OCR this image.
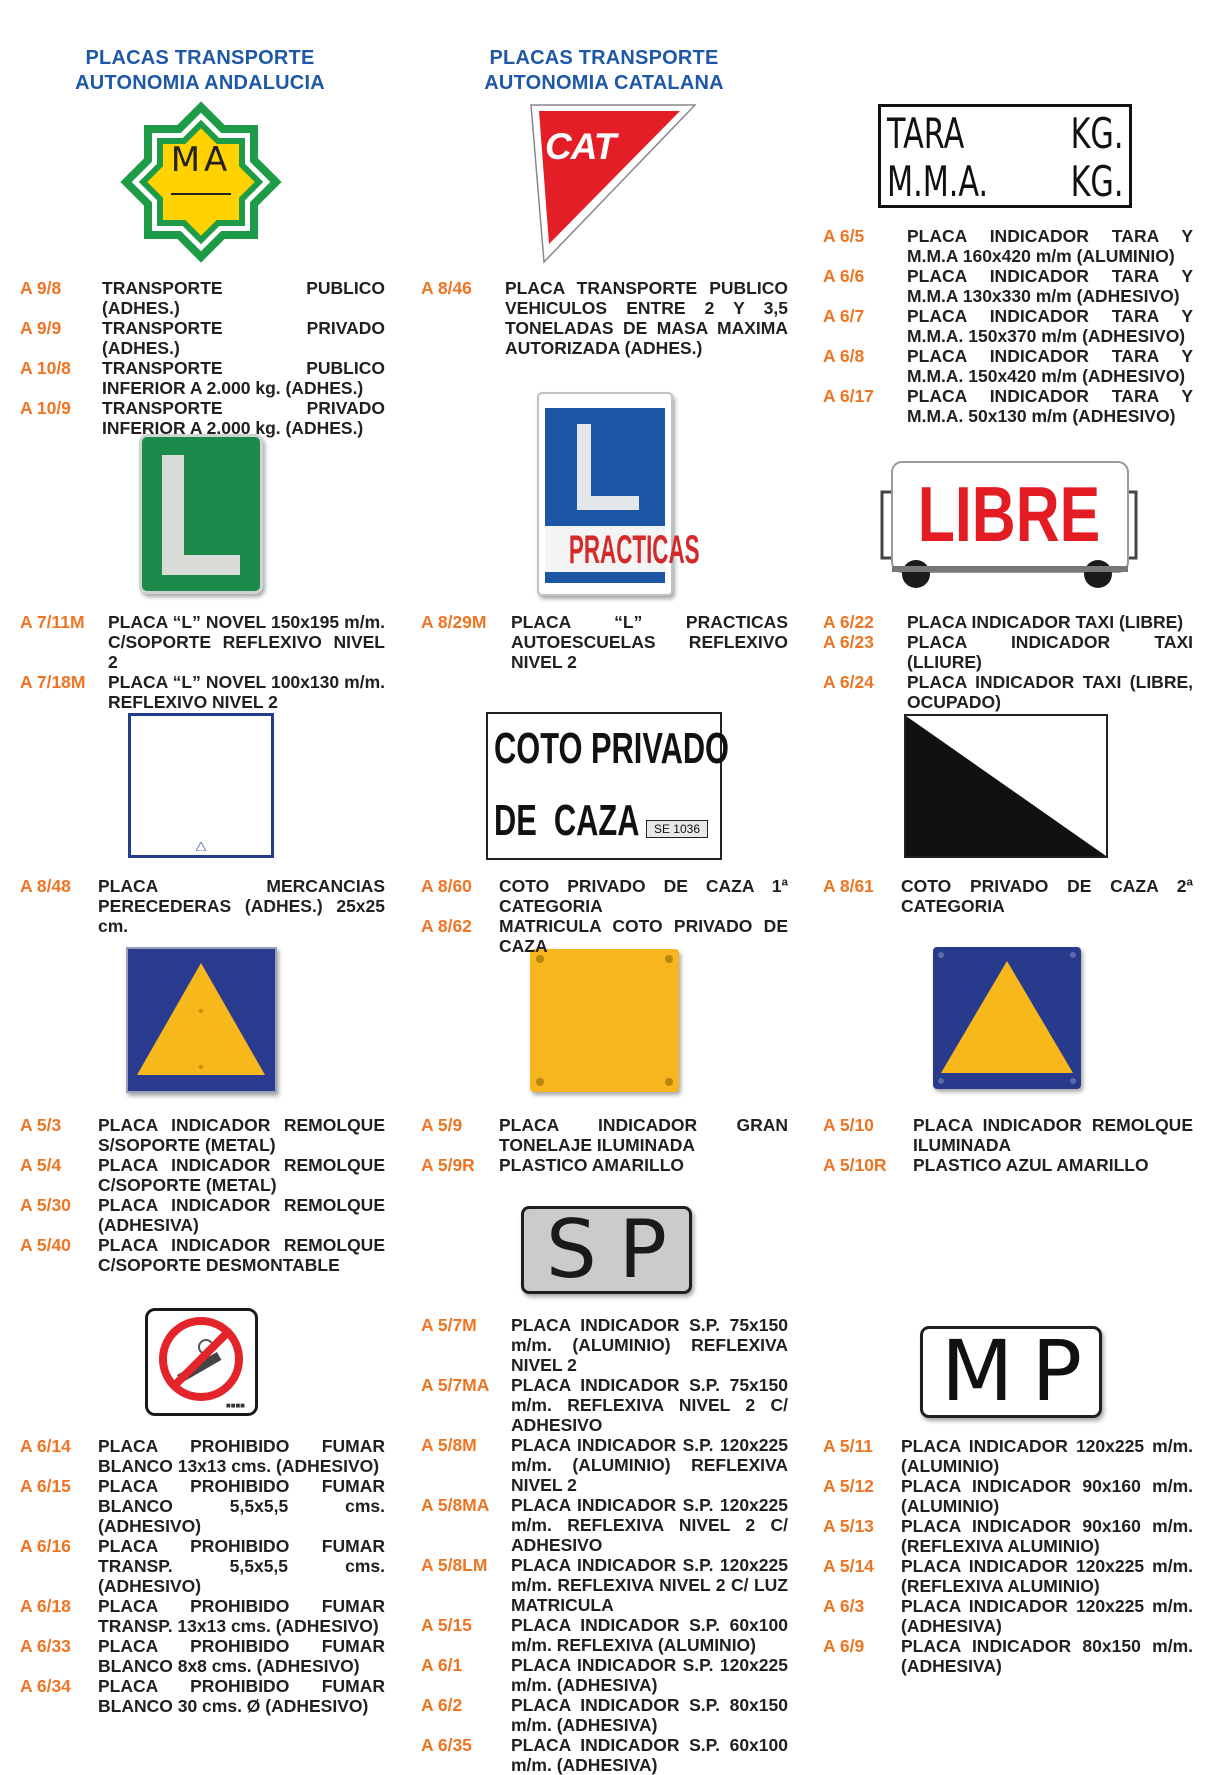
PLACAS TRANSPORTE
AUTONOMIA ANDALUCIA
PLACAS TRANSPORTE
AUTONOMIA CATALANA
MA	CAT	TARA	KG.
M.M.A. KG.
PRACTICAS	LIBRE
COTO PRIVADO
DE  CAZA	SE 1036
SP
■■■■	MP
A 9/8	TRANSPORTE PUBLICO (ADHES.)
A 9/9	TRANSPORTE PRIVADO (ADHES.)
A 10/8	TRANSPORTE PUBLICO INFERIOR A 2.000 kg. (ADHES.)
A 10/9	TRANSPORTE PRIVADO INFERIOR A 2.000 kg. (ADHES.)
A 7/11M	PLACA “L” NOVEL 150x195 m/m. C/SOPORTE REFLEXIVO NIVEL 2
A 7/18M	PLACA “L” NOVEL 100x130 m/m. REFLEXIVO NIVEL 2
A 8/48	PLACA MERCANCIAS PERECEDERAS (ADHES.) 25x25 cm.
A 5/3	PLACA INDICADOR REMOLQUE S/SOPORTE (METAL)
A 5/4	PLACA INDICADOR REMOLQUE C/SOPORTE (METAL)
A 5/30	PLACA INDICADOR REMOLQUE (ADHESIVA)
A 5/40	PLACA INDICADOR REMOLQUE C/SOPORTE DESMONTABLE
A 6/14	PLACA PROHIBIDO FUMAR BLANCO 13x13 cms. (ADHESIVO)
A 6/15	PLACA PROHIBIDO FUMAR BLANCO 5,5x5,5 cms. (ADHESIVO)
A 6/16	PLACA PROHIBIDO FUMAR TRANSP. 5,5x5,5 cms. (ADHESIVO)
A 6/18	PLACA PROHIBIDO FUMAR TRANSP. 13x13 cms. (ADHESIVO)
A 6/33	PLACA PROHIBIDO FUMAR BLANCO 8x8 cms. (ADHESIVO)
A 6/34	PLACA PROHIBIDO FUMAR BLANCO 30 cms. Ø (ADHESIVO)
A 8/46	PLACA TRANSPORTE PUBLICO VEHICULOS ENTRE 2 Y 3,5 TONELADAS DE MASA MAXIMA AUTORIZADA (ADHES.)
A 8/29M	PLACA “L” PRACTICAS AUTOESCUELAS REFLEXIVO NIVEL 2
A 8/60	COTO PRIVADO DE CAZA 1ª CATEGORIA
A 8/62	MATRICULA COTO PRIVADO DE CAZA
A 5/9	PLACA INDICADOR GRAN TONELAJE ILUMINADA
A 5/9R	PLASTICO AMARILLO
A 5/7M	PLACA INDICADOR S.P. 75x150 m/m. (ALUMINIO) REFLEXIVA NIVEL 2
A 5/7MA	PLACA INDICADOR S.P. 75x150 m/m. REFLEXIVA NIVEL 2 C/ ADHESIVO
A 5/8M	PLACA INDICADOR S.P. 120x225 m/m. (ALUMINIO) REFLEXIVA NIVEL 2
A 5/8MA	PLACA INDICADOR S.P. 120x225 m/m. REFLEXIVA NIVEL 2 C/ ADHESIVO
A 5/8LM	PLACA INDICADOR S.P. 120x225 m/m. REFLEXIVA NIVEL 2 C/ LUZ MATRICULA
A 5/15	PLACA INDICADOR S.P. 60x100 m/m. REFLEXIVA (ALUMINIO)
A 6/1	PLACA INDICADOR S.P. 120x225 m/m. (ADHESIVA)
A 6/2	PLACA INDICADOR S.P. 80x150 m/m. (ADHESIVA)
A 6/35	PLACA INDICADOR S.P. 60x100 m/m. (ADHESIVA)
A 6/5	PLACA INDICADOR TARA Y M.M.A 160x420 m/m (ALUMINIO)
A 6/6	PLACA INDICADOR TARA Y M.M.A 130x330 m/m (ADHESIVO)
A 6/7	PLACA INDICADOR TARA Y M.M.A. 150x370 m/m (ADHESIVO)
A 6/8	PLACA INDICADOR TARA Y M.M.A. 150x420 m/m (ADHESIVO)
A 6/17	PLACA INDICADOR TARA Y M.M.A. 50x130 m/m (ADHESIVO)
A 6/22	PLACA INDICADOR TAXI (LIBRE)
A 6/23	PLACA INDICADOR TAXI (LLIURE)
A 6/24	PLACA INDICADOR TAXI (LIBRE, OCUPADO)
A 8/61	COTO PRIVADO DE CAZA 2ª CATEGORIA
A 5/10	PLACA INDICADOR REMOLQUE ILUMINADA
A 5/10R	PLASTICO AZUL AMARILLO
A 5/11	PLACA INDICADOR 120x225 m/m. (ALUMINIO)
A 5/12	PLACA INDICADOR 90x160 m/m. (ALUMINIO)
A 5/13	PLACA INDICADOR 90x160 m/m. (REFLEXIVA ALUMINIO)
A 5/14	PLACA INDICADOR 120x225 m/m. (REFLEXIVA ALUMINIO)
A 6/3	PLACA INDICADOR 120x225 m/m. (ADHESIVA)
A 6/9	PLACA INDICADOR 80x150 m/m. (ADHESIVA)
